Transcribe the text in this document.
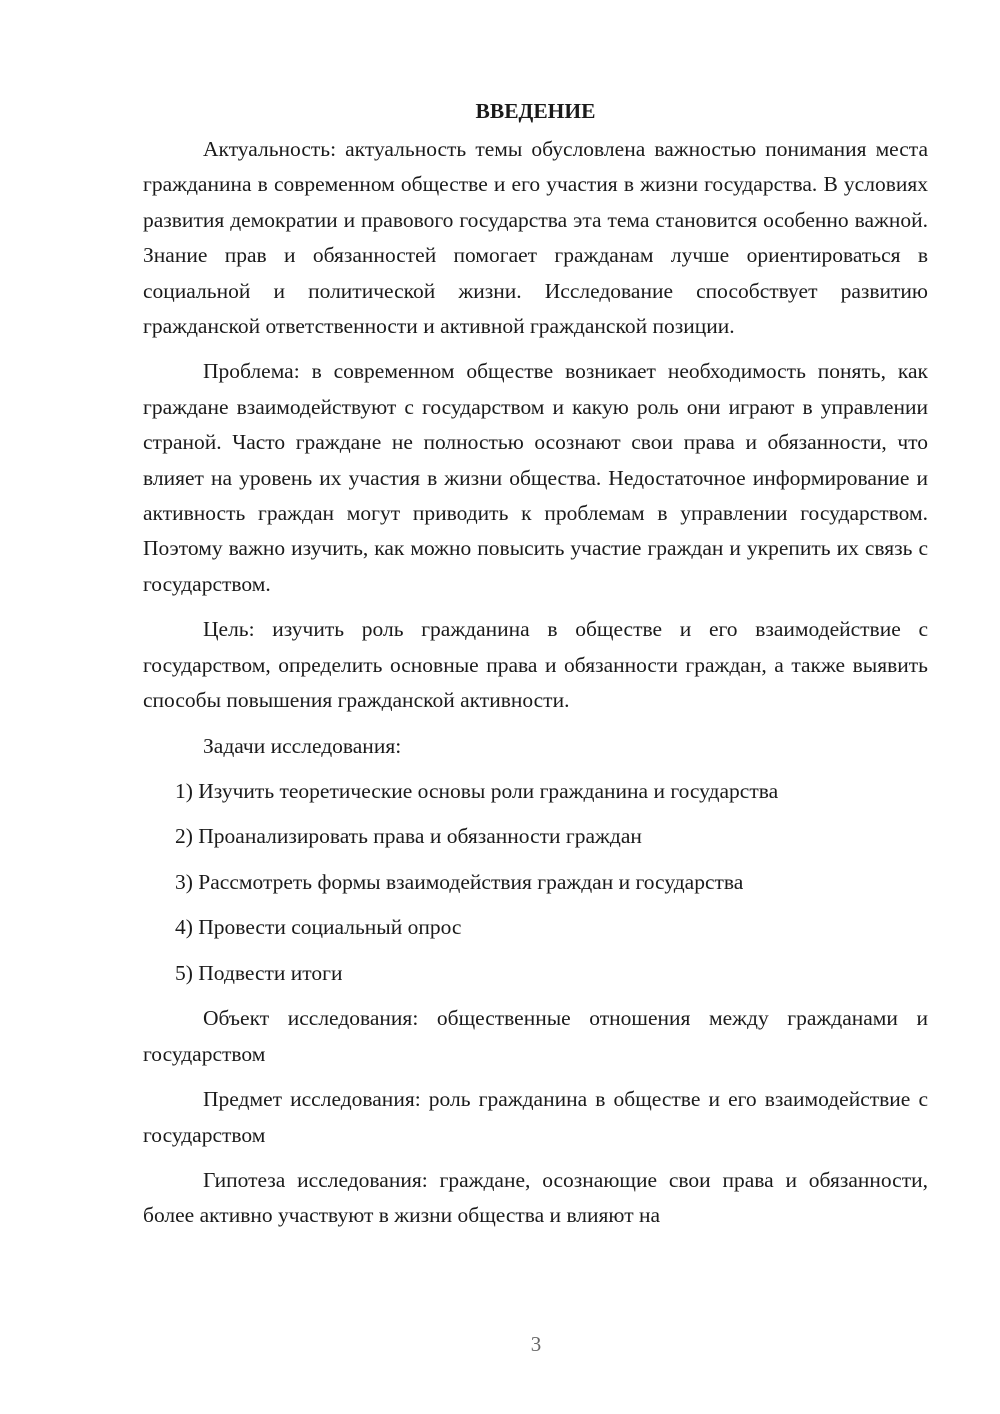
ВВЕДЕНИЕ

Актуальность: актуальность темы обусловлена важностью понимания места гражданина в современном обществе и его участия в жизни государства. В условиях развития демократии и правового государства эта тема становится особенно важной. Знание прав и обязанностей помогает гражданам лучше ориентироваться в социальной и политической жизни. Исследование способствует развитию гражданской ответственности и активной гражданской позиции.

Проблема: в современном обществе возникает необходимость понять, как граждане взаимодействуют с государством и какую роль они играют в управлении страной. Часто граждане не полностью осознают свои права и обязанности, что влияет на уровень их участия в жизни общества. Недостаточное информирование и активность граждан могут приводить к проблемам в управлении государством. Поэтому важно изучить, как можно повысить участие граждан и укрепить их связь с государством.

Цель: изучить роль гражданина в обществе и его взаимодействие с государством, определить основные права и обязанности граждан, а также выявить способы повышения гражданской активности.

Задачи исследования:

1) Изучить теоретические основы роли гражданина и государства
2) Проанализировать права и обязанности граждан
3) Рассмотреть формы взаимодействия граждан и государства
4) Провести социальный опрос
5) Подвести итоги

Объект исследования: общественные отношения между гражданами и государством

Предмет исследования: роль гражданина в обществе и его взаимодействие с государством

Гипотеза исследования: граждане, осознающие свои права и обязанности, более активно участвуют в жизни общества и влияют на

3
